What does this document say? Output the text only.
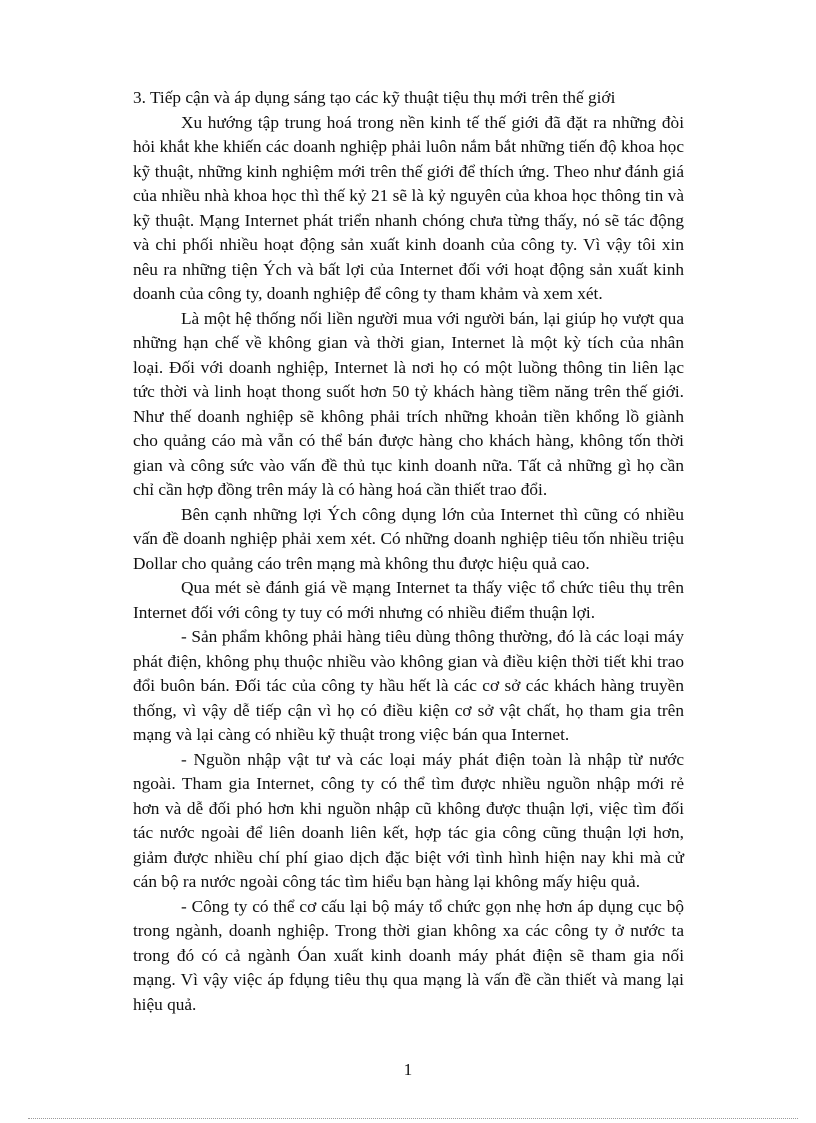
3. Tiếp cận và áp dụng sáng tạo các kỹ thuật tiệu thụ mới trên thế giới

Xu hướng tập trung hoá trong nền kinh tế thế giới đã đặt ra những đòi hỏi khắt khe khiến các doanh nghiệp phải luôn nắm bắt những tiến độ khoa học kỹ thuật, những kinh nghiệm mới trên thế giới để thích ứng. Theo như đánh giá của nhiều nhà khoa học thì thế kỷ 21 sẽ là kỷ nguyên của khoa học thông tin và kỹ thuật. Mạng Internet phát triển nhanh chóng chưa từng thấy, nó sẽ tác động và chi phối nhiều hoạt động sản xuất kinh doanh của công ty. Vì vậy tôi xin nêu ra những tiện Ých và bất lợi của Internet đối với hoạt động sản xuất kinh doanh của công ty, doanh nghiệp để công ty tham khảm và xem xét.

Là một hệ thống nối liền người mua với người bán, lại giúp họ vượt qua những hạn chế về không gian và thời gian, Internet là một kỳ tích của nhân loại. Đối với doanh nghiệp, Internet là nơi họ có một luồng thông tin liên lạc tức thời và linh hoạt thong suốt hơn 50 tỷ khách hàng tiềm năng trên thế giới. Như thế doanh nghiệp sẽ không phải trích những khoản tiền khổng lồ giành cho quảng cáo mà vẫn có thể bán được hàng cho khách hàng, không tốn thời gian và công sức vào vấn đề thủ tục kinh doanh nữa. Tất cả những gì họ cần chỉ cần hợp đồng trên máy là có hàng hoá cần thiết trao đổi.

Bên cạnh những lợi Ých công dụng lớn của Internet thì cũng có nhiều vấn đề doanh nghiệp phải xem xét. Có những doanh nghiệp tiêu tốn nhiều triệu Dollar cho quảng cáo trên mạng mà không thu được hiệu quả cao.

Qua mét sè đánh giá về mạng Internet ta thấy việc tổ chức tiêu thụ trên Internet đối với công ty tuy có mới nhưng có nhiều điểm thuận lợi.

- Sản phẩm không phải hàng tiêu dùng thông thường, đó là các loại máy phát điện, không phụ thuộc nhiều vào không gian và điều kiện thời tiết khi trao đổi buôn bán. Đối tác của công ty hầu hết là các cơ sở các khách hàng truyền thống, vì vậy dễ tiếp cận vì họ có điều kiện cơ sở vật chất, họ tham gia trên mạng và lại càng có nhiều kỹ thuật trong việc bán qua Internet.

- Nguồn nhập vật tư và các loại máy phát điện toàn là nhập từ nước ngoài. Tham gia Internet, công ty có thể tìm được nhiều nguồn nhập mới rẻ hơn và dễ đối phó hơn khi nguồn nhập cũ không được thuận lợi, việc tìm đối tác nước ngoài để liên doanh liên kết, hợp tác gia công cũng thuận lợi hơn, giảm được nhiều chí phí giao dịch đặc biệt với tình hình hiện nay khi mà cử cán bộ ra nước ngoài công tác tìm hiểu bạn hàng lại không mấy hiệu quả.

- Công ty có thể cơ cấu lại bộ máy tổ chức gọn nhẹ hơn áp dụng cục bộ trong ngành, doanh nghiệp. Trong thời gian không xa các công ty ở nước ta trong đó có cả ngành Óan xuất kinh doanh máy phát điện sẽ tham gia nối mạng. Vì vậy việc áp fdụng tiêu thụ qua mạng là vấn đề cần thiết và mang lại hiệu quả.

1
